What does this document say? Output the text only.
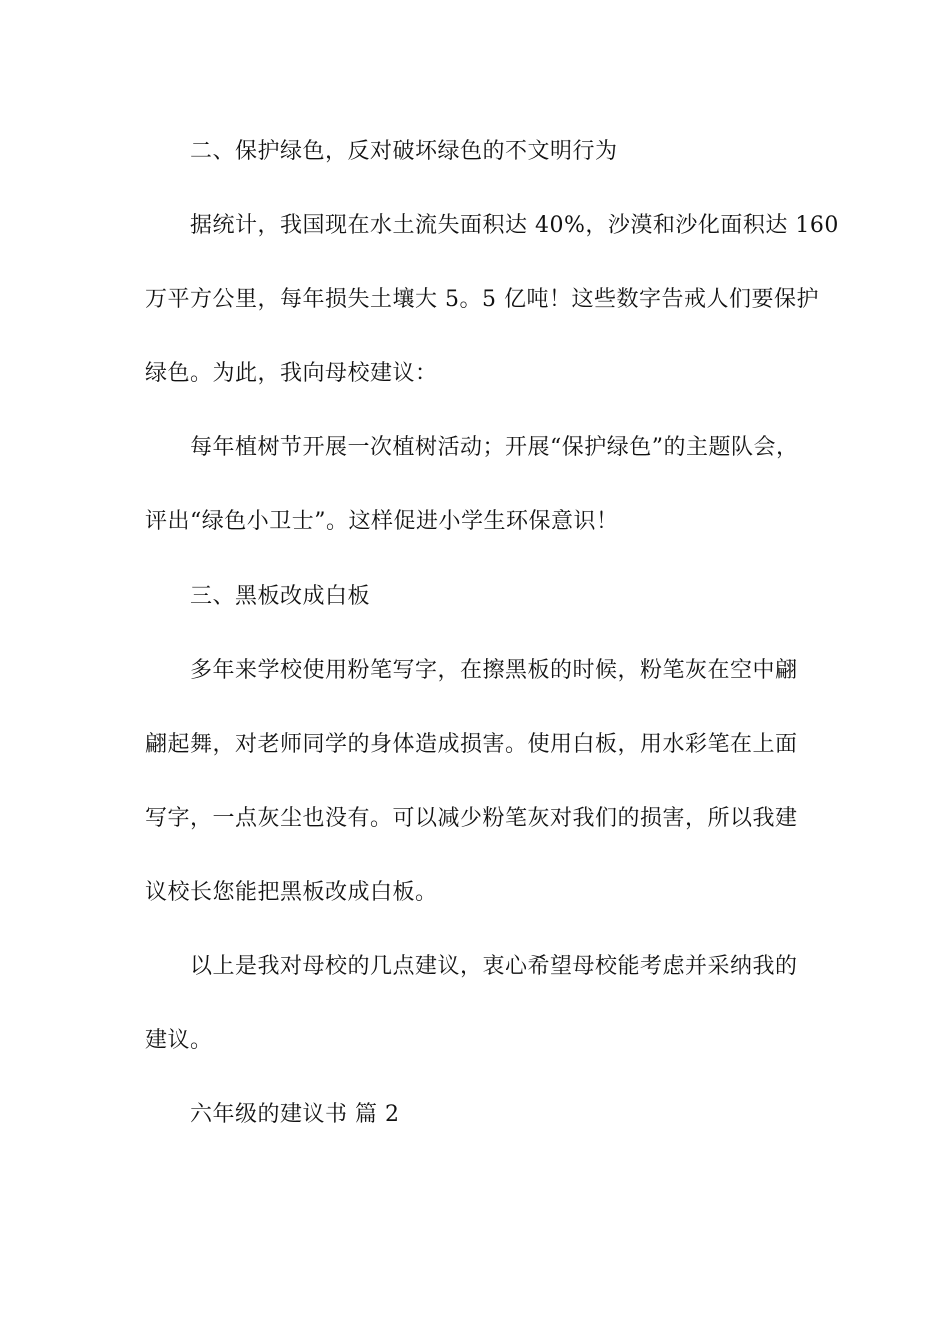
二、保护绿色，反对破坏绿色的不文明行为
据统计，我国现在水土流失面积达 40%，沙漠和沙化面积达 160
万平方公里，每年损失土壤大 5。5 亿吨！这些数字告戒人们要保护
绿色。为此，我向母校建议：
每年植树节开展一次植树活动；开展“保护绿色”的主题队会，
评出“绿色小卫士”。这样促进小学生环保意识！
三、黑板改成白板
多年来学校使用粉笔写字，在擦黑板的时候，粉笔灰在空中翩
翩起舞，对老师同学的身体造成损害。使用白板，用水彩笔在上面
写字，一点灰尘也没有。可以减少粉笔灰对我们的损害，所以我建
议校长您能把黑板改成白板。
以上是我对母校的几点建议，衷心希望母校能考虑并采纳我的
建议。
六年级的建议书 篇 2
